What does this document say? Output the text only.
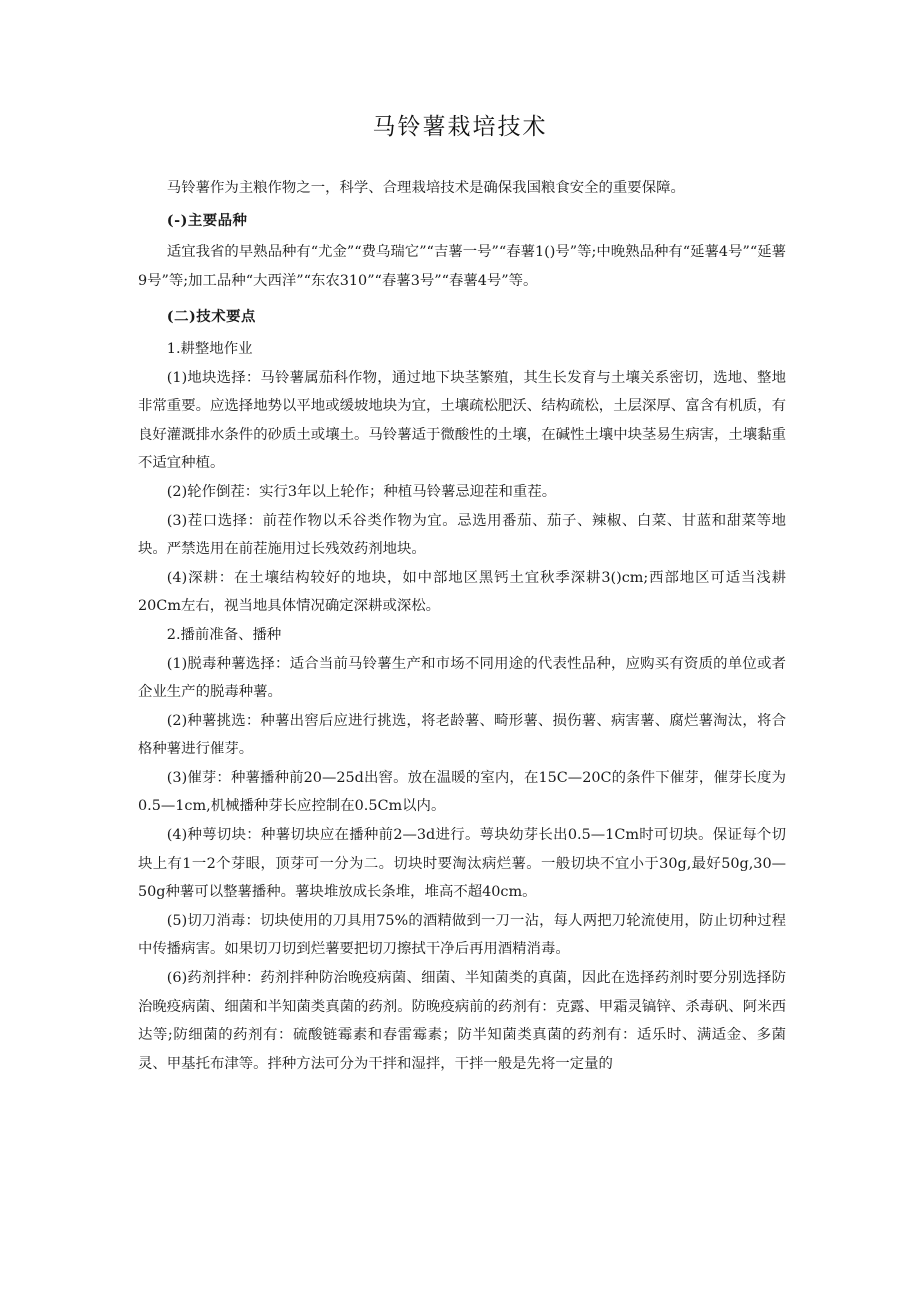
马铃薯栽培技术

马铃薯作为主粮作物之一，科学、合理栽培技术是确保我国粮食安全的重要保障。

(-)主要品种

适宜我省的早熟品种有“尤金”“费乌瑞它”“吉薯一号”“春薯1()号”等;中晚熟品种有“延薯4号”“延薯9号”等;加工品种“大西洋”“东农310”“春薯3号”“春薯4号”等。

(二)技术要点

1.耕整地作业

(1)地块选择：马铃薯属茄科作物，通过地下块茎繁殖，其生长发育与土壤关系密切，选地、整地非常重要。应选择地势以平地或缓坡地块为宜，土壤疏松肥沃、结构疏松，土层深厚、富含有机质，有良好灌溉排水条件的砂质土或壤土。马铃薯适于微酸性的土壤，在碱性土壤中块茎易生病害，土壤黏重不适宜种植。

(2)轮作倒茬：实行3年以上轮作；种植马铃薯忌迎茬和重茬。

(3)茬口选择：前茬作物以禾谷类作物为宜。忌选用番茄、茄子、辣椒、白菜、甘蓝和甜菜等地块。严禁选用在前茬施用过长残效药剂地块。

(4)深耕：在土壤结构较好的地块，如中部地区黑钙土宜秋季深耕3()cm;西部地区可适当浅耕20Cm左右，视当地具体情况确定深耕或深松。

2.播前准备、播种

(1)脱毒种薯选择：适合当前马铃薯生产和市场不同用途的代表性品种，应购买有资质的单位或者企业生产的脱毒种薯。

(2)种薯挑选：种薯出窖后应进行挑选，将老龄薯、畸形薯、损伤薯、病害薯、腐烂薯淘汰，将合格种薯进行催芽。

(3)催芽：种薯播种前20—25d出窖。放在温暖的室内，在15C—20C的条件下催芽，催芽长度为0.5—1cm,机械播种芽长应控制在0.5Cm以内。

(4)种萼切块：种薯切块应在播种前2—3d进行。萼块幼芽长出0.5—1Cm时可切块。保证每个切块上有1一2个芽眼，顶芽可一分为二。切块时要淘汰病烂薯。一般切块不宜小于30g,最好50g,30—50g种薯可以整薯播种。薯块堆放成长条堆，堆高不超40cm。

(5)切刀消毒：切块使用的刀具用75%的酒精做到一刀一沾，每人两把刀轮流使用，防止切种过程中传播病害。如果切刀切到烂薯要把切刀擦拭干净后再用酒精消毒。

(6)药剂拌种：药剂拌种防治晚疫病菌、细菌、半知菌类的真菌，因此在选择药剂时要分别选择防治晚疫病菌、细菌和半知菌类真菌的药剂。防晚疫病前的药剂有：克露、甲霜灵镐锌、杀毒矾、阿米西达等;防细菌的药剂有：硫酸链霉素和春雷霉素；防半知菌类真菌的药剂有：适乐时、满适金、多菌灵、甲基托布津等。拌种方法可分为干拌和湿拌，干拌一般是先将一定量的
